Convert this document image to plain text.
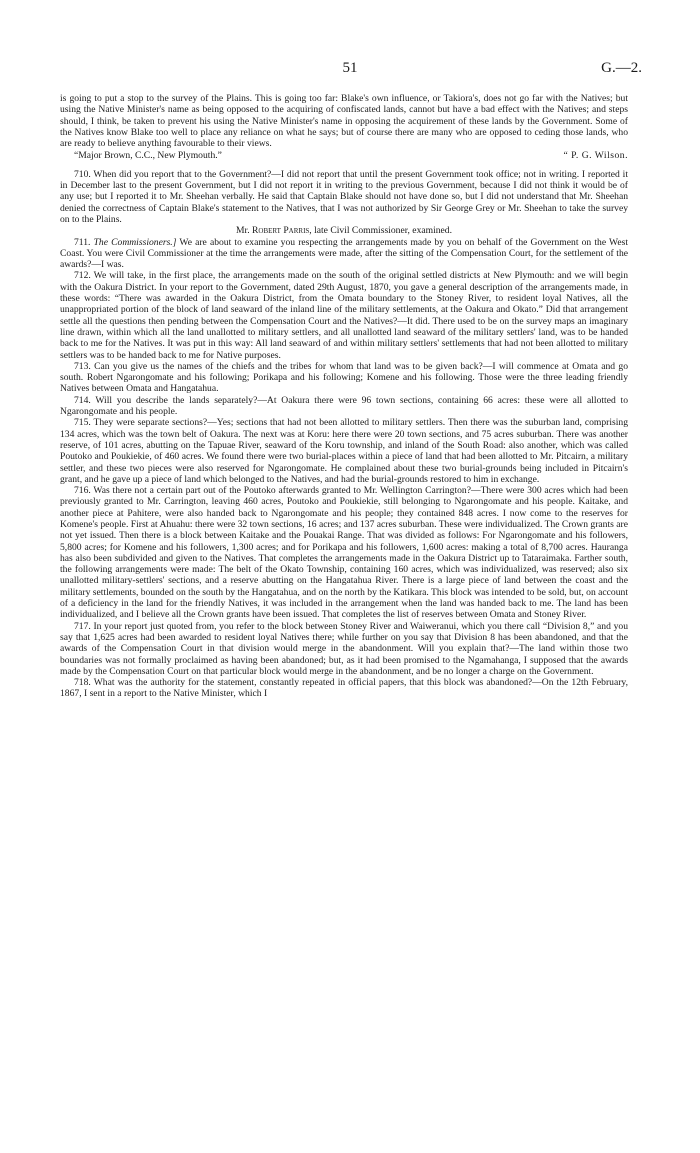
51	G.—2.

is going to put a stop to the survey of the Plains. This is going too far: Blake's own influence, or Takiora's, does not go far with the Natives; but using the Native Minister's name as being opposed to the acquiring of confiscated lands, cannot but have a bad effect with the Natives; and steps should, I think, be taken to prevent his using the Native Minister's name in opposing the acquirement of these lands by the Government. Some of the Natives know Blake too well to place any reliance on what he says; but of course there are many who are opposed to ceding those lands, who are ready to believe anything favourable to their views.

“Major Brown, C.C., New Plymouth.”	“ P. G. Wilson.

710. When did you report that to the Government?—I did not report that until the present Government took office; not in writing. I reported it in December last to the present Government, but I did not report it in writing to the previous Government, because I did not think it would be of any use; but I reported it to Mr. Sheehan verbally. He said that Captain Blake should not have done so, but I did not understand that Mr. Sheehan denied the correctness of Captain Blake's statement to the Natives, that I was not authorized by Sir George Grey or Mr. Sheehan to take the survey on to the Plains.

Mr. Robert Parris, late Civil Commissioner, examined.

711. The Commissioners.] We are about to examine you respecting the arrangements made by you on behalf of the Government on the West Coast. You were Civil Commissioner at the time the arrangements were made, after the sitting of the Compensation Court, for the settlement of the awards?—I was.

712. We will take, in the first place, the arrangements made on the south of the original settled districts at New Plymouth: and we will begin with the Oakura District. In your report to the Government, dated 29th August, 1870, you gave a general description of the arrangements made, in these words: “There was awarded in the Oakura District, from the Omata boundary to the Stoney River, to resident loyal Natives, all the unappropriated portion of the block of land seaward of the inland line of the military settlements, at the Oakura and Okato.” Did that arrangement settle all the questions then pending between the Compensation Court and the Natives?—It did. There used to be on the survey maps an imaginary line drawn, within which all the land unallotted to military settlers, and all unallotted land seaward of the military settlers' land, was to be handed back to me for the Natives. It was put in this way: All land seaward of and within military settlers' settlements that had not been allotted to military settlers was to be handed back to me for Native purposes.

713. Can you give us the names of the chiefs and the tribes for whom that land was to be given back?—I will commence at Omata and go south. Robert Ngarongomate and his following; Porikapa and his following; Komene and his following. Those were the three leading friendly Natives between Omata and Hangatahua.

714. Will you describe the lands separately?—At Oakura there were 96 town sections, containing 66 acres: these were all allotted to Ngarongomate and his people.

715. They were separate sections?—Yes; sections that had not been allotted to military settlers. Then there was the suburban land, comprising 134 acres, which was the town belt of Oakura. The next was at Koru: here there were 20 town sections, and 75 acres suburban. There was another reserve, of 101 acres, abutting on the Tapuae River, seaward of the Koru township, and inland of the South Road: also another, which was called Poutoko and Poukiekie, of 460 acres. We found there were two burial-places within a piece of land that had been allotted to Mr. Pitcairn, a military settler, and these two pieces were also reserved for Ngarongomate. He complained about these two burial-grounds being included in Pitcairn's grant, and he gave up a piece of land which belonged to the Natives, and had the burial-grounds restored to him in exchange.

716. Was there not a certain part out of the Poutoko afterwards granted to Mr. Wellington Carrington?—There were 300 acres which had been previously granted to Mr. Carrington, leaving 460 acres, Poutoko and Poukiekie, still belonging to Ngarongomate and his people. Kaitake, and another piece at Pahitere, were also handed back to Ngarongomate and his people; they contained 848 acres. I now come to the reserves for Komene's people. First at Ahuahu: there were 32 town sections, 16 acres; and 137 acres suburban. These were individualized. The Crown grants are not yet issued. Then there is a block between Kaitake and the Pouakai Range. That was divided as follows: For Ngarongomate and his followers, 5,800 acres; for Komene and his followers, 1,300 acres; and for Porikapa and his followers, 1,600 acres: making a total of 8,700 acres. Hauranga has also been subdivided and given to the Natives. That completes the arrangements made in the Oakura District up to Tataraimaka. Farther south, the following arrangements were made: The belt of the Okato Township, containing 160 acres, which was individualized, was reserved; also six unallotted military-settlers' sections, and a reserve abutting on the Hangatahua River. There is a large piece of land between the coast and the military settlements, bounded on the south by the Hangatahua, and on the north by the Katikara. This block was intended to be sold, but, on account of a deficiency in the land for the friendly Natives, it was included in the arrangement when the land was handed back to me. The land has been individualized, and I believe all the Crown grants have been issued. That completes the list of reserves between Omata and Stoney River.

717. In your report just quoted from, you refer to the block between Stoney River and Waiweranui, which you there call “Division 8,” and you say that 1,625 acres had been awarded to resident loyal Natives there; while further on you say that Division 8 has been abandoned, and that the awards of the Compensation Court in that division would merge in the abandonment. Will you explain that?—The land within those two boundaries was not formally proclaimed as having been abandoned; but, as it had been promised to the Ngamahanga, I supposed that the awards made by the Compensation Court on that particular block would merge in the abandonment, and be no longer a charge on the Government.

718. What was the authority for the statement, constantly repeated in official papers, that this block was abandoned?—On the 12th February, 1867, I sent in a report to the Native Minister, which I
